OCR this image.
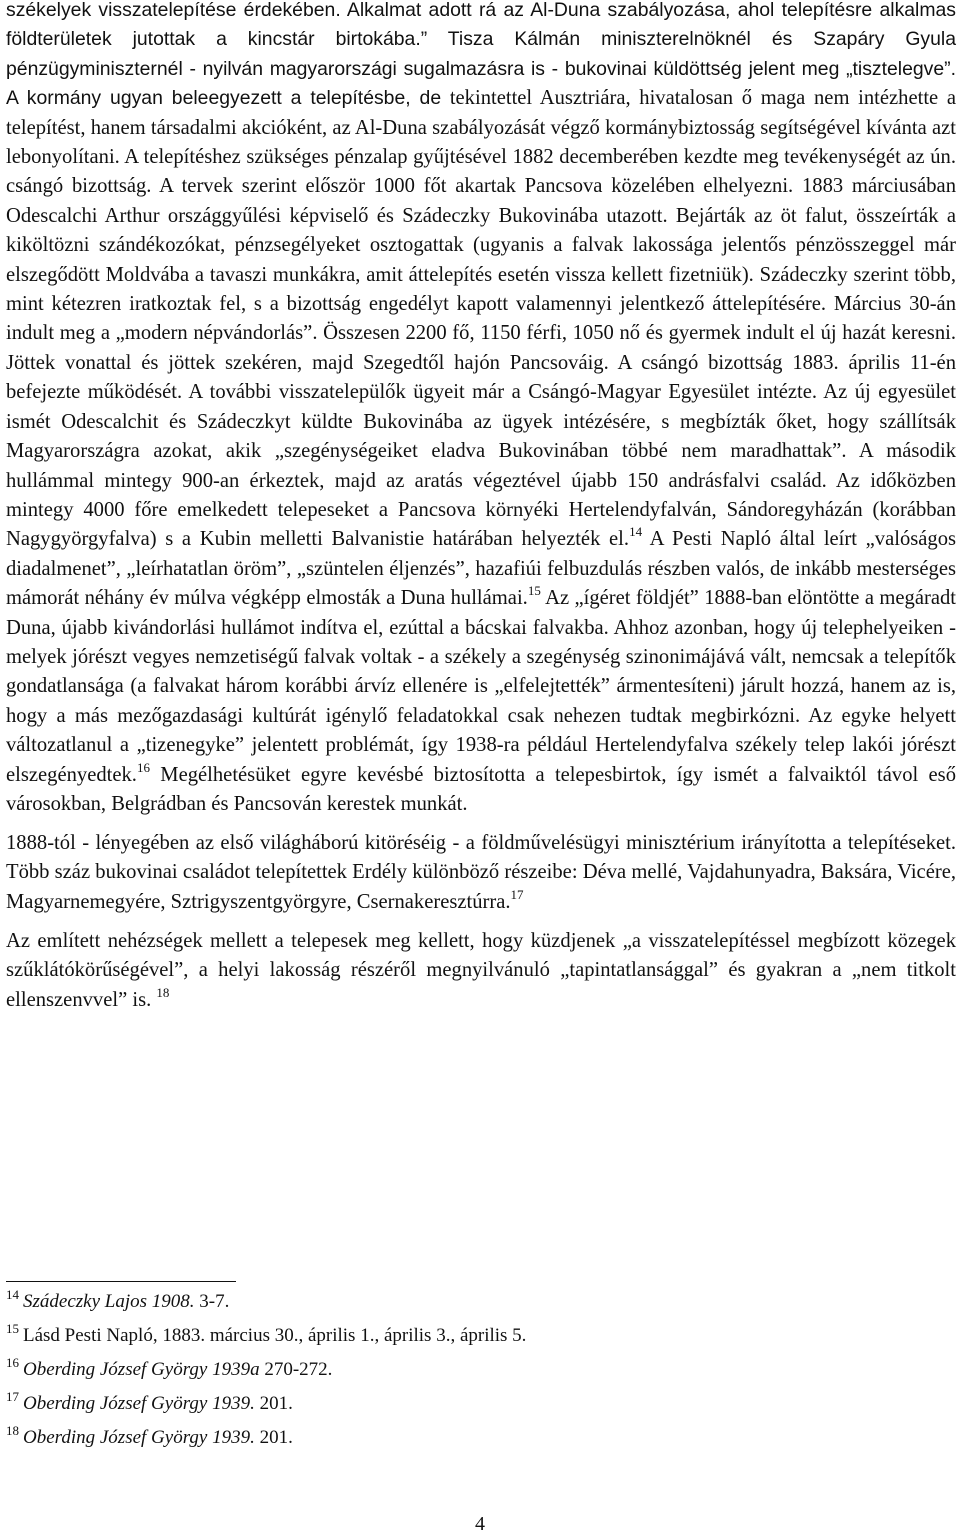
székelyek visszatelepítése érdekében. Alkalmat adott rá az Al-Duna szabályozása, ahol telepítésre alkalmas földterületek jutottak a kincstár birtokába.” Tisza Kálmán miniszterelnöknél és Szapáry Gyula pénzügyminiszternél - nyilván magyarországi sugalmazásra is - bukovinai küldöttség jelent meg „tisztelegve”. A kormány ugyan beleegyezett a telepítésbe, de tekintettel Ausztriára, hivatalosan ő maga nem intézhette a telepítést, hanem társadalmi akcióként, az Al-Duna szabályozását végző kormánybiztosság segítségével kívánta azt lebonyolítani. A telepítéshez szükséges pénzalap gyűjtésével 1882 decemberében kezdte meg tevékenységét az ún. csángó bizottság. A tervek szerint először 1000 főt akartak Pancsova közelében elhelyezni. 1883 márciusában Odescalchi Arthur országgyűlési képviselő és Szádeczky Bukovinába utazott. Bejárták az öt falut, összeírták a kiköltözni szándékozókat, pénzsegélyeket osztogattak (ugyanis a falvak lakossága jelentős pénzösszeggel már elszegődött Moldvába a tavaszi munkákra, amit áttelepítés esetén vissza kellett fizetniük). Szádeczky szerint több, mint kétezren iratkoztak fel, s a bizottság engedélyt kapott valamennyi jelentkező áttelepítésére. Március 30-án indult meg a „modern népvándorlás”. Összesen 2200 fő, 1150 férfi, 1050 nő és gyermek indult el új hazát keresni. Jöttek vonattal és jöttek szekéren, majd Szegedtől hajón Pancsováig. A csángó bizottság 1883. április 11-én befejezte működését. A további visszatelepülők ügyeit már a Csángó-Magyar Egyesület intézte. Az új egyesület ismét Odescalchit és Szádeczkyt küldte Bukovinába az ügyek intézésére, s megbízták őket, hogy szállítsák Magyarországra azokat, akik „szegénységeiket eladva Bukovinában többé nem maradhattak”. A második hullámmal mintegy 900-an érkeztek, majd az aratás végeztével újabb 150 andrásfalvi család. Az időközben mintegy 4000 főre emelkedett telepeseket a Pancsova környéki Hertelendyfalván, Sándoregyházán (korábban Nagygyörgyfalva) s a Kubin melletti Balvanistie határában helyezték el.$^{14}$ A Pesti Napló által leírt „valóságos diadalmenet”, „leírhatatlan öröm”, „szüntelen éljenzés”, hazafiúi felbuzdulás részben valós, de inkább mesterséges mámorát néhány év múlva végképp elmosták a Duna hullámai.$^{15}$ Az „ígéret földjét” 1888-ban elöntötte a megáradt Duna, újabb kivándorlási hullámot indítva el, ezúttal a bácskai falvakba. Ahhoz azonban, hogy új telephelyeiken - melyek jórészt vegyes nemzetiségű falvak voltak - a székely a szegénység szinonimájává vált, nemcsak a telepítők gondatlansága (a falvakat három korábbi árvíz ellenére is „elfelejtették” ármentesíteni) járult hozzá, hanem az is, hogy a más mezőgazdasági kultúrát igénylő feladatokkal csak nehezen tudtak megbirkózni. Az egyke helyett változatlanul a „tizenegyke” jelentett problémát, így 1938-ra például Hertelendyfalva székely telep lakói jórészt elszegényedtek.$^{16}$ Megélhetésüket egyre kevésbé biztosította a telepesbirtok, így ismét a falvaiktól távol eső városokban, Belgrádban és Pancsován kerestek munkát.

1888-tól - lényegében az első világháború kitöréséig - a földművelésügyi minisztérium irányította a telepítéseket. Több száz bukovinai családot telepítettek Erdély különböző részeibe: Déva mellé, Vajdahunyadra, Baksára, Vicére, Magyarnemegyére, Sztrigyszentgyörgyre, Csernakeresztúrra.$^{17}$

Az említett nehézségek mellett a telepesek meg kellett, hogy küzdjenek „a visszatelepítéssel megbízott közegek szűklátókörűségével”, a helyi lakosság részéről megnyilvánuló „tapintatlansággal” és gyakran a „nem titkolt ellenszenvvel” is. $^{18}$

$^{14}$ Szádeczky Lajos 1908. 3-7.

$^{15}$ Lásd Pesti Napló, 1883. március 30., április 1., április 3., április 5.

$^{16}$ Oberding József György 1939a 270-272.

$^{17}$ Oberding József György 1939. 201.

$^{18}$ Oberding József György 1939. 201.

4
